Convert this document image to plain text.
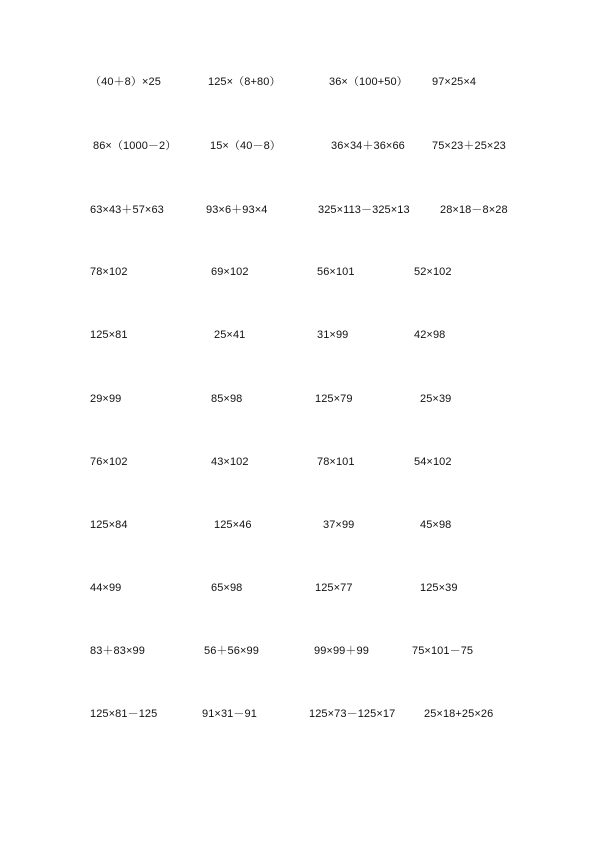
（40＋8）×25	125×（8+80）	36×（100+50） 97×25×4
86×（1000－2）	15×（40－8）	36×34＋36×66 75×23＋25×23
63×43＋57×63	93×6＋93×4	325×113－325×13	28×18－8×28
78×102	69×102	56×101	52×102
125×81	25×41	31×99	42×98
29×99	85×98	125×79	25×39
76×102	43×102	78×101	54×102
125×84	125×46	37×99	45×98
44×99	65×98	125×77	125×39
83＋83×99	56＋56×99	99×99＋99	75×101－75
125×81－125	91×31－91	125×73－125×17	25×18+25×26
